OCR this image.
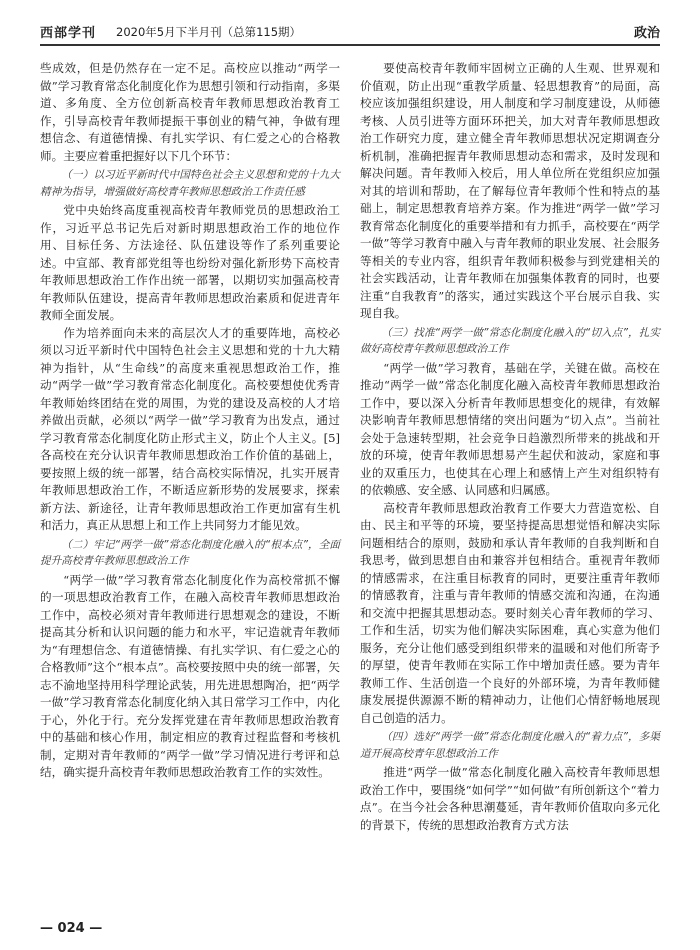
西部学刊 2020年5月下半月刊（总第115期）	政治

些成效，但是仍然存在一定不足。高校应以推动“两学一做”学习教育常态化制度化作为思想引领和行动指南，多渠道、多角度、全方位创新高校青年教师思想政治教育工作，引导高校青年教师提振干事创业的精气神，争做有理想信念、有道德情操、有扎实学识、有仁爱之心的合格教师。主要应着重把握好以下几个环节：

（一）以习近平新时代中国特色社会主义思想和党的十九大精神为指导，增强做好高校青年教师思想政治工作责任感

党中央始终高度重视高校青年教师党员的思想政治工作，习近平总书记先后对新时期思想政治工作的地位作用、目标任务、方法途径、队伍建设等作了系列重要论述。中宣部、教育部党组等也纷纷对强化新形势下高校青年教师思想政治工作作出统一部署，以期切实加强高校青年教师队伍建设，提高青年教师思想政治素质和促进青年教师全面发展。

作为培养面向未来的高层次人才的重要阵地，高校必须以习近平新时代中国特色社会主义思想和党的十九大精神为指针，从“生命线”的高度来重视思想政治工作，推动“两学一做”学习教育常态化制度化。高校要想使优秀青年教师始终团结在党的周围，为党的建设及高校的人才培养做出贡献，必须以“两学一做”学习教育为出发点，通过学习教育常态化制度化防止形式主义，防止个人主义。[5]各高校在充分认识青年教师思想政治工作价值的基础上，要按照上级的统一部署，结合高校实际情况，扎实开展青年教师思想政治工作，不断适应新形势的发展要求，探索新方法、新途径，让青年教师思想政治工作更加富有生机和活力，真正从思想上和工作上共同努力才能见效。

（二）牢记“两学一做”常态化制度化融入的“根本点”，全面提升高校青年教师思想政治工作

“两学一做”学习教育常态化制度化作为高校常抓不懈的一项思想政治教育工作，在融入高校青年教师思想政治工作中，高校必须对青年教师进行思想观念的建设，不断提高其分析和认识问题的能力和水平，牢记造就青年教师为“有理想信念、有道德情操、有扎实学识、有仁爱之心的合格教师”这个“根本点”。高校要按照中央的统一部署，矢志不渝地坚持用科学理论武装，用先进思想陶冶，把“两学一做”学习教育常态化制度化纳入其日常学习工作中，内化于心，外化于行。充分发挥党建在青年教师思想政治教育中的基础和核心作用，制定相应的教育过程监督和考核机制，定期对青年教师的“两学一做”学习情况进行考评和总结，确实提升高校青年教师思想政治教育工作的实效性。

要使高校青年教师牢固树立正确的人生观、世界观和价值观，防止出现“重教学质量、轻思想教育”的局面，高校应该加强组织建设，用人制度和学习制度建设，从师德考核、人员引进等方面环环把关，加大对青年教师思想政治工作研究力度，建立健全青年教师思想状况定期调查分析机制，准确把握青年教师思想动态和需求，及时发现和解决问题。青年教师入校后，用人单位所在党组织应加强对其的培训和帮助，在了解每位青年教师个性和特点的基础上，制定思想教育培养方案。作为推进“两学一做”学习教育常态化制度化的重要举措和有力抓手，高校要在“两学一做”等学习教育中融入与青年教师的职业发展、社会服务等相关的专业内容，组织青年教师积极参与到党建相关的社会实践活动，让青年教师在加强集体教育的同时，也要注重“自我教育”的落实，通过实践这个平台展示自我、实现自我。

（三）找准“两学一做”常态化制度化融入的“切入点”，扎实做好高校青年教师思想政治工作

“两学一做”学习教育，基础在学，关键在做。高校在推动“两学一做”常态化制度化融入高校青年教师思想政治工作中，要以深入分析青年教师思想变化的规律，有效解决影响青年教师思想情绪的突出问题为“切入点”。当前社会处于急速转型期，社会竞争日趋激烈所带来的挑战和开放的环境，使青年教师思想易产生起伏和波动，家庭和事业的双重压力，也使其在心理上和感情上产生对组织特有的依赖感、安全感、认同感和归属感。

高校青年教师思想政治教育工作要大力营造宽松、自由、民主和平等的环境，要坚持提高思想觉悟和解决实际问题相结合的原则，鼓励和承认青年教师的自我判断和自我思考，做到思想自由和兼容并包相结合。重视青年教师的情感需求，在注重目标教育的同时，更要注重青年教师的情感教育，注重与青年教师的情感交流和沟通，在沟通和交流中把握其思想动态。要时刻关心青年教师的学习、工作和生活，切实为他们解决实际困难，真心实意为他们服务，充分让他们感受到组织带来的温暖和对他们所寄予的厚望，使青年教师在实际工作中增加责任感。要为青年教师工作、生活创造一个良好的外部环境，为青年教师健康发展提供源源不断的精神动力，让他们心情舒畅地展现自己创造的活力。

（四）选好“两学一做”常态化制度化融入的“着力点”，多渠道开展高校青年思想政治工作

推进“两学一做”常态化制度化融入高校青年教师思想政治工作中，要围绕“如何学”“如何做”有所创新这个“着力点”。在当今社会各种思潮蔓延，青年教师价值取向多元化的背景下，传统的思想政治教育方式方法

— 024 —
